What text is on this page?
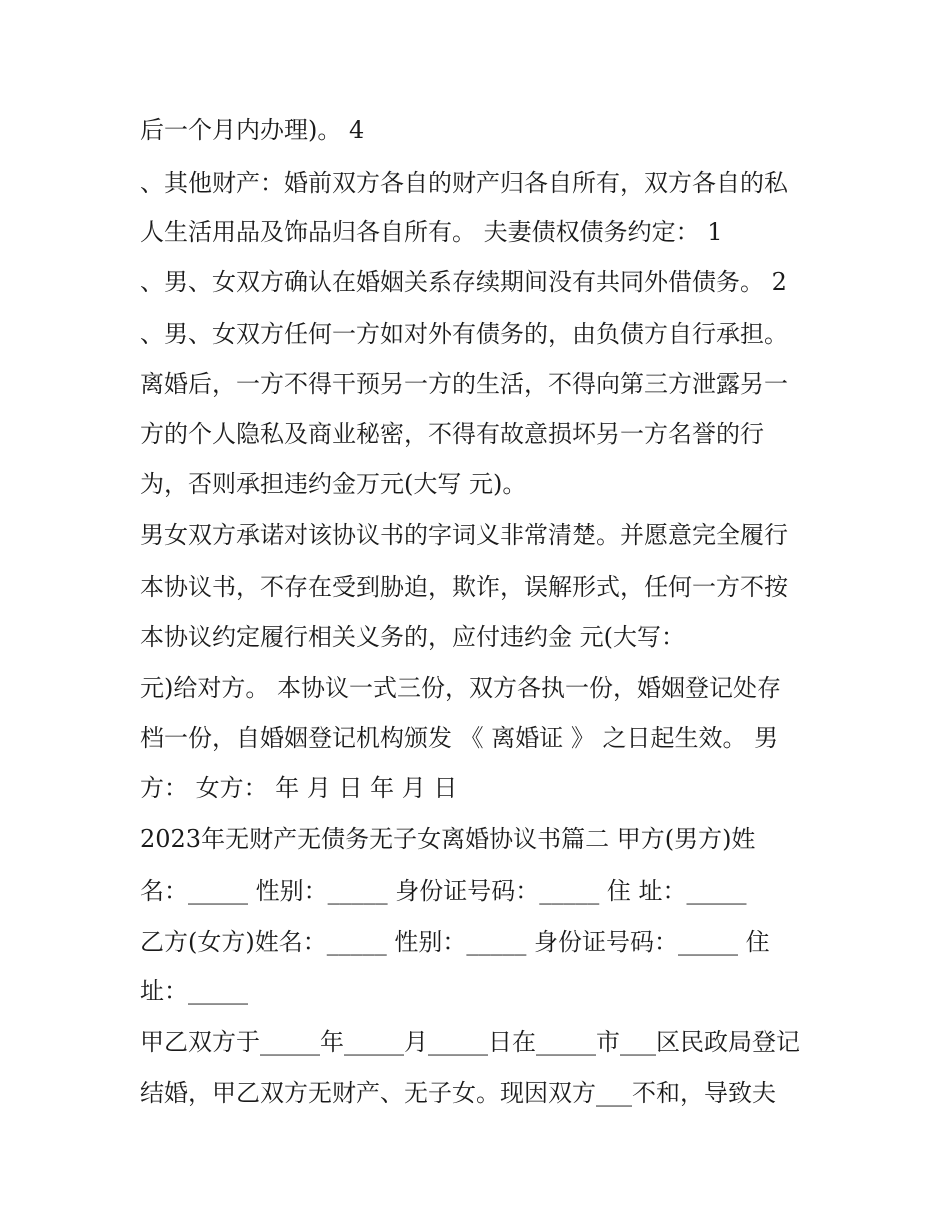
后一个月内办理)。 4
、其他财产：婚前双方各自的财产归各自所有，双方各自的私
人生活用品及饰品归各自所有。 夫妻债权债务约定： 1
、男、女双方确认在婚姻关系存续期间没有共同外借债务。 2
、男、女双方任何一方如对外有债务的，由负债方自行承担。
离婚后，一方不得干预另一方的生活，不得向第三方泄露另一
方的个人隐私及商业秘密，不得有故意损坏另一方名誉的行
为，否则承担违约金万元(大写 元)。
男女双方承诺对该协议书的字词义非常清楚。并愿意完全履行
本协议书，不存在受到胁迫，欺诈，误解形式，任何一方不按
本协议约定履行相关义务的，应付违约金 元(大写：
元)给对方。 本协议一式三份，双方各执一份，婚姻登记处存
档一份，自婚姻登记机构颁发 《 离婚证 》 之日起生效。 男
方： 女方： 年 月 日 年 月 日
2023年无财产无债务无子女离婚协议书篇二 甲方(男方)姓
名：_____ 性别：_____ 身份证号码：_____ 住 址：_____
乙方(女方)姓名：_____ 性别：_____ 身份证号码：_____ 住
址：_____
甲乙双方于_____年_____月_____日在_____市___区民政局登记
结婚，甲乙双方无财产、无子女。现因双方___不和，导致夫
